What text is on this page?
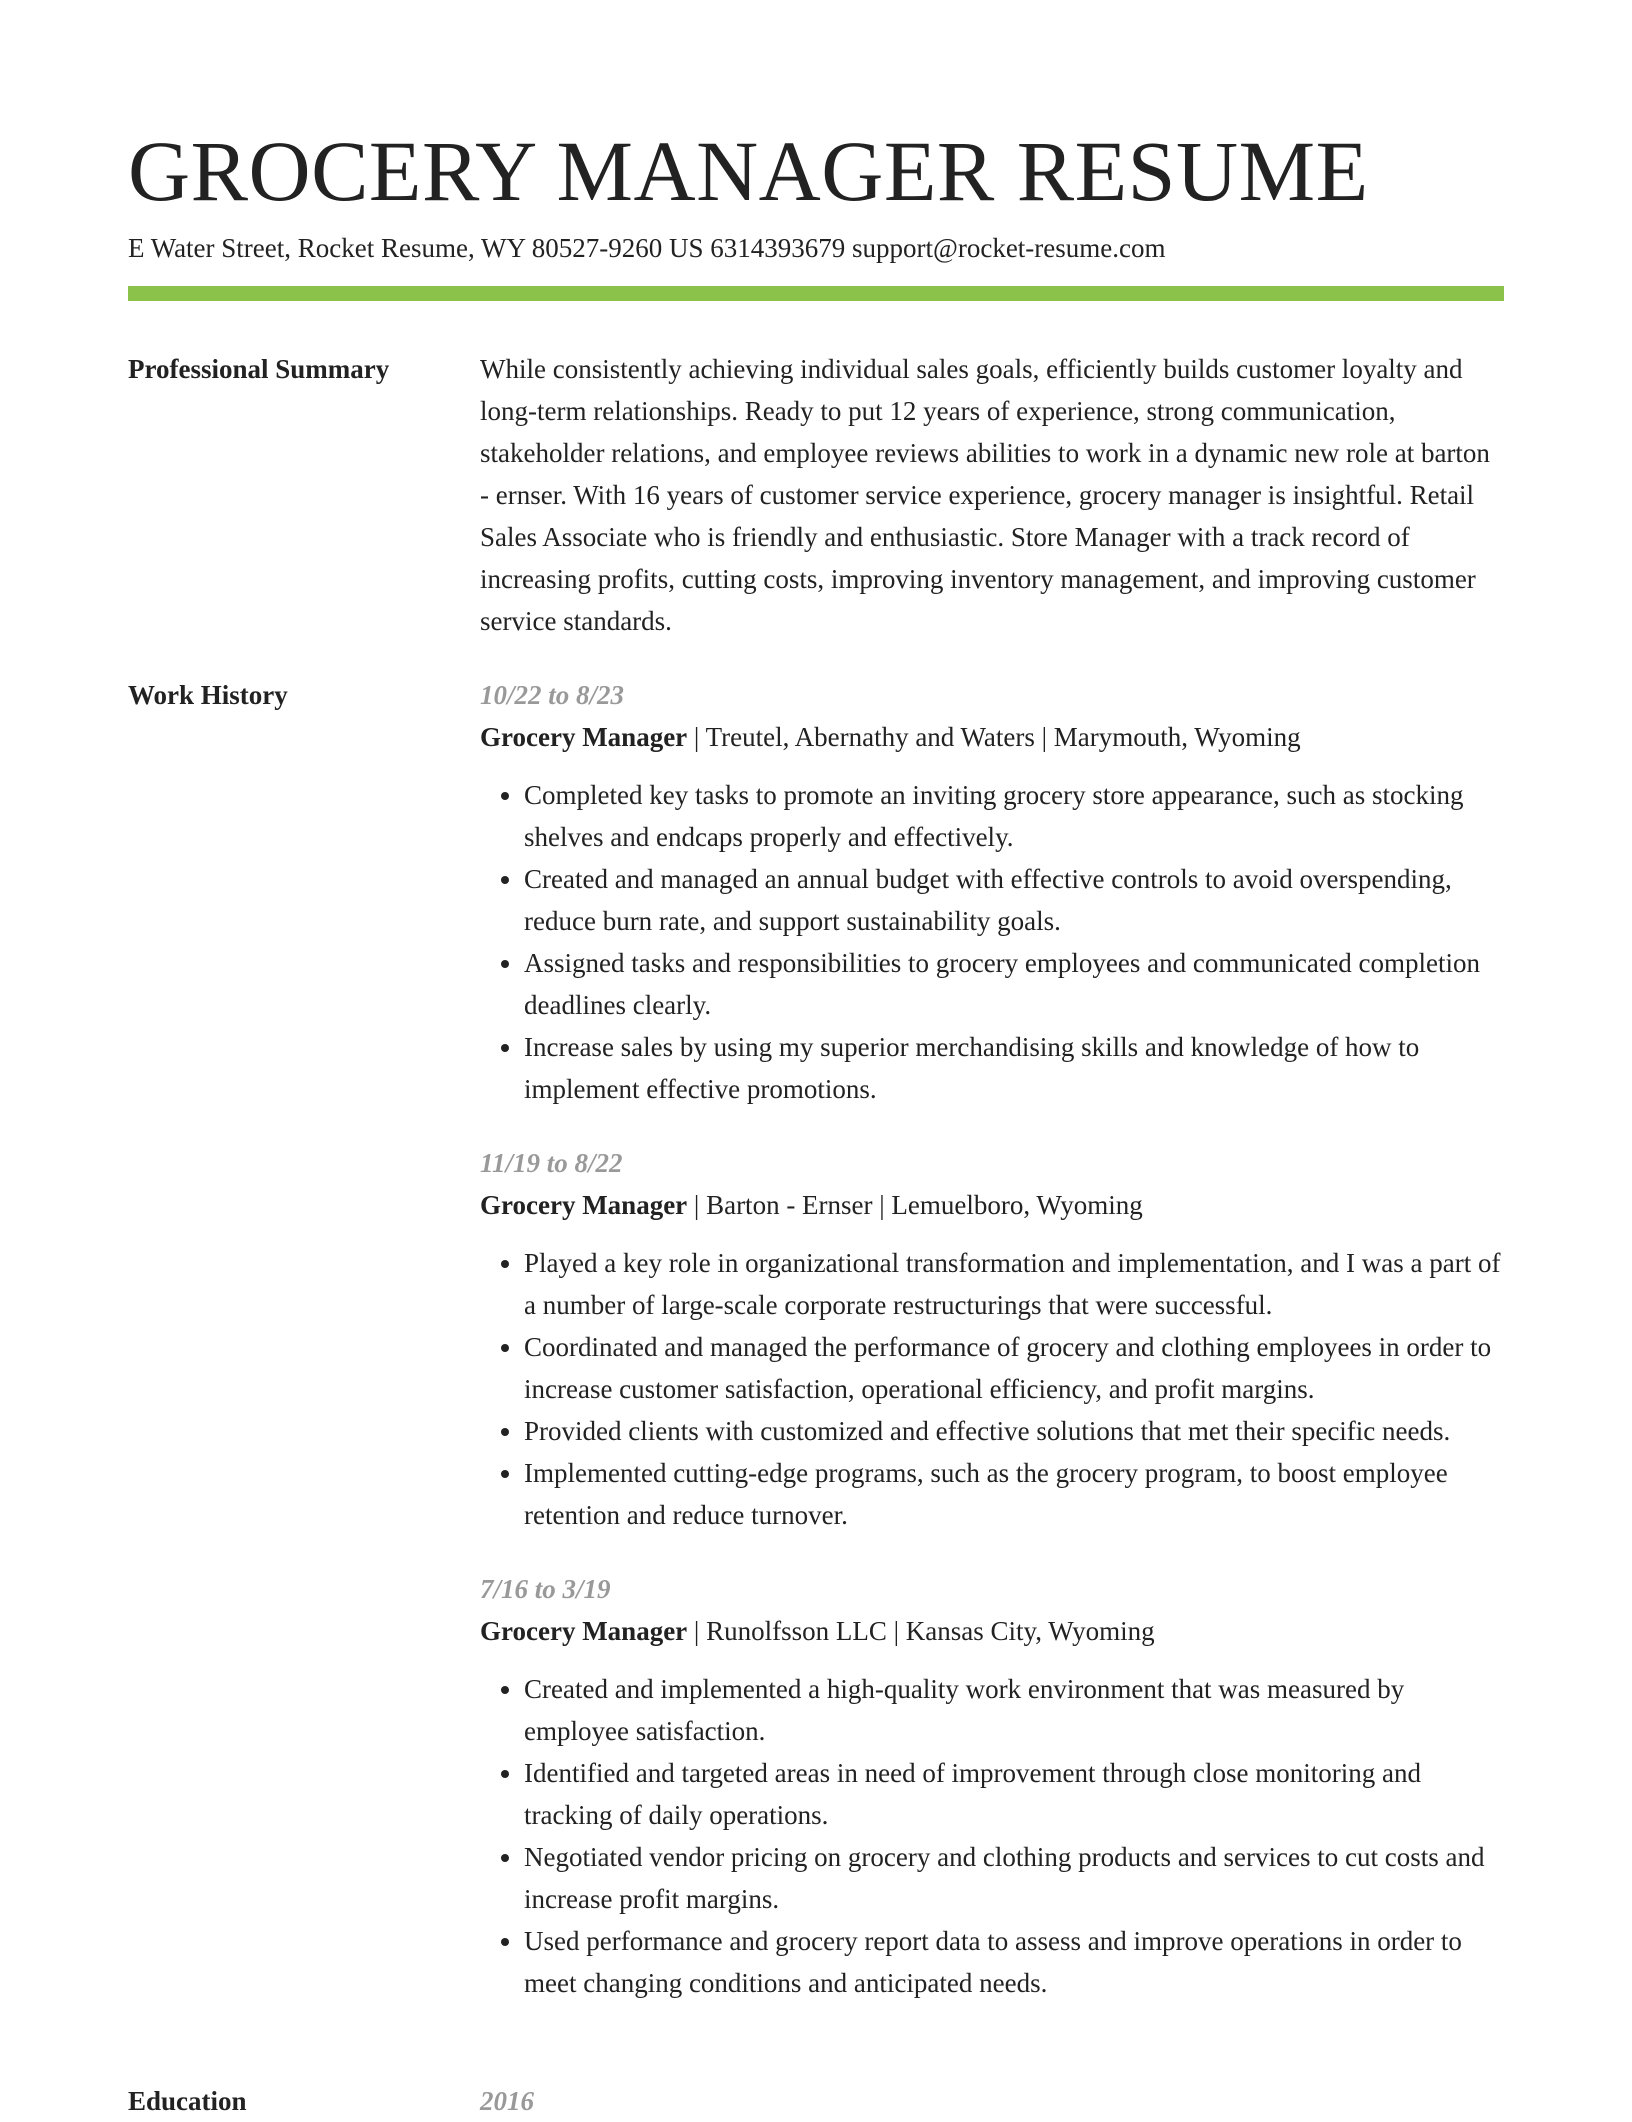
GROCERY MANAGER RESUME
E Water Street, Rocket Resume, WY 80527-9260 US 6314393679 support@rocket-resume.com
Professional Summary	While consistently achieving individual sales goals, efficiently builds customer loyalty and long-term relationships. Ready to put 12 years of experience, strong communication, stakeholder relations, and employee reviews abilities to work in a dynamic new role at barton - ernser. With 16 years of customer service experience, grocery manager is insightful. Retail Sales Associate who is friendly and enthusiastic. Store Manager with a track record of increasing profits, cutting costs, improving inventory management, and improving customer service standards.

Work History	10/22 to 8/23
Grocery Manager | Treutel, Abernathy and Waters | Marymouth, Wyoming
• Completed key tasks to promote an inviting grocery store appearance, such as stocking shelves and endcaps properly and effectively.
• Created and managed an annual budget with effective controls to avoid overspending, reduce burn rate, and support sustainability goals.
• Assigned tasks and responsibilities to grocery employees and communicated completion deadlines clearly.
• Increase sales by using my superior merchandising skills and knowledge of how to implement effective promotions.
11/19 to 8/22
Grocery Manager | Barton - Ernser | Lemuelboro, Wyoming
• Played a key role in organizational transformation and implementation, and I was a part of a number of large-scale corporate restructurings that were successful.
• Coordinated and managed the performance of grocery and clothing employees in order to increase customer satisfaction, operational efficiency, and profit margins.
• Provided clients with customized and effective solutions that met their specific needs.
• Implemented cutting-edge programs, such as the grocery program, to boost employee retention and reduce turnover.
7/16 to 3/19
Grocery Manager | Runolfsson LLC | Kansas City, Wyoming
• Created and implemented a high-quality work environment that was measured by employee satisfaction.
• Identified and targeted areas in need of improvement through close monitoring and tracking of daily operations.
• Negotiated vendor pricing on grocery and clothing products and services to cut costs and increase profit margins.
• Used performance and grocery report data to assess and improve operations in order to meet changing conditions and anticipated needs.
Education	2016
